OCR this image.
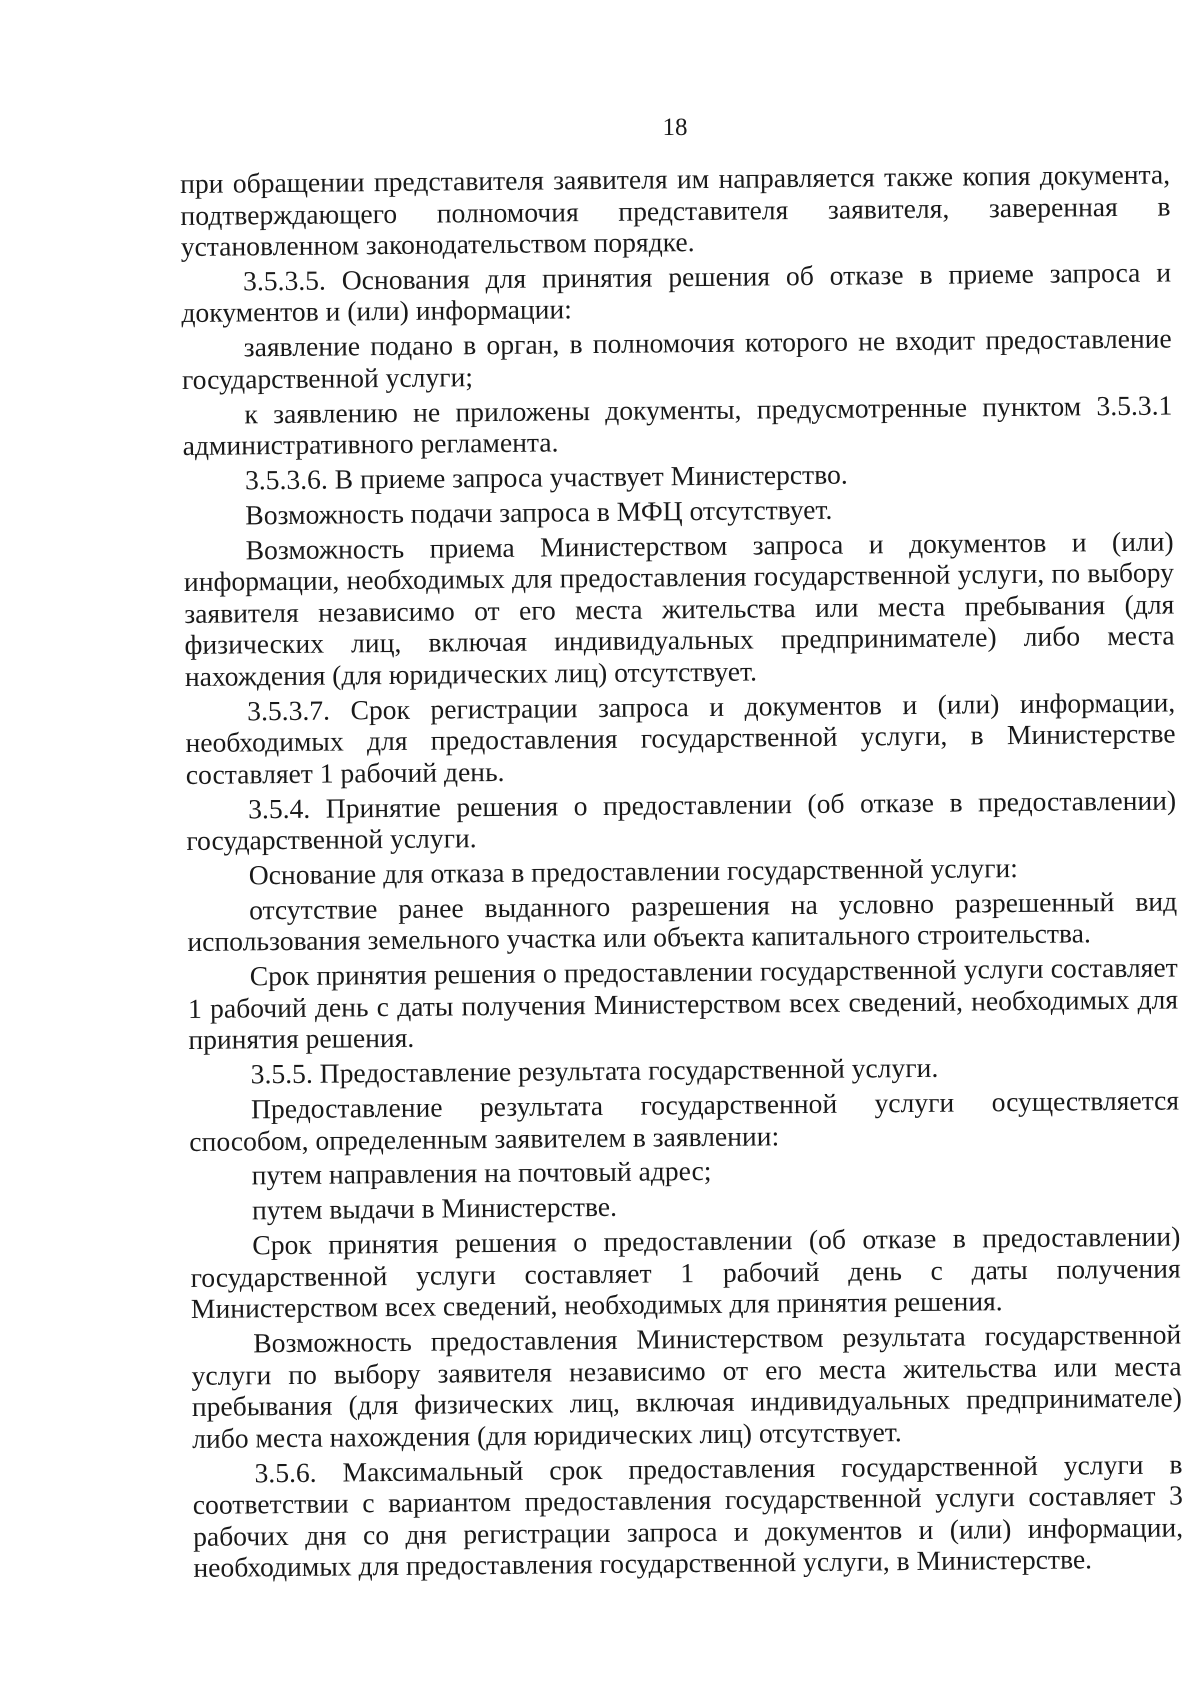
18

при обращении представителя заявителя им направляется также копия документа, подтверждающего полномочия представителя заявителя, заверенная в установленном законодательством порядке.

3.5.3.5. Основания для принятия решения об отказе в приеме запроса и документов и (или) информации:

заявление подано в орган, в полномочия которого не входит предоставление государственной услуги;

к заявлению не приложены документы, предусмотренные пунктом 3.5.3.1 административного регламента.

3.5.3.6. В приеме запроса участвует Министерство.

Возможность подачи запроса в МФЦ отсутствует.

Возможность приема Министерством запроса и документов и (или) информации, необходимых для предоставления государственной услуги, по выбору заявителя независимо от его места жительства или места пребывания (для физических лиц, включая индивидуальных предпринимателе) либо места нахождения (для юридических лиц) отсутствует.

3.5.3.7. Срок регистрации запроса и документов и (или) информации, необходимых для предоставления государственной услуги, в Министерстве составляет 1 рабочий день.

3.5.4. Принятие решения о предоставлении (об отказе в предоставлении) государственной услуги.

Основание для отказа в предоставлении государственной услуги:

отсутствие ранее выданного разрешения на условно разрешенный вид использования земельного участка или объекта капитального строительства.

Срок принятия решения о предоставлении государственной услуги составляет 1 рабочий день с даты получения Министерством всех сведений, необходимых для принятия решения.

3.5.5. Предоставление результата государственной услуги.

Предоставление результата государственной услуги осуществляется способом, определенным заявителем в заявлении:

путем направления на почтовый адрес;

путем выдачи в Министерстве.

Срок принятия решения о предоставлении (об отказе в предоставлении) государственной услуги составляет 1 рабочий день с даты получения Министерством всех сведений, необходимых для принятия решения.

Возможность предоставления Министерством результата государственной услуги по выбору заявителя независимо от его места жительства или места пребывания (для физических лиц, включая индивидуальных предпринимателе) либо места нахождения (для юридических лиц) отсутствует.

3.5.6. Максимальный срок предоставления государственной услуги в соответствии с вариантом предоставления государственной услуги составляет 3 рабочих дня со дня регистрации запроса и документов и (или) информации, необходимых для предоставления государственной услуги, в Министерстве.
